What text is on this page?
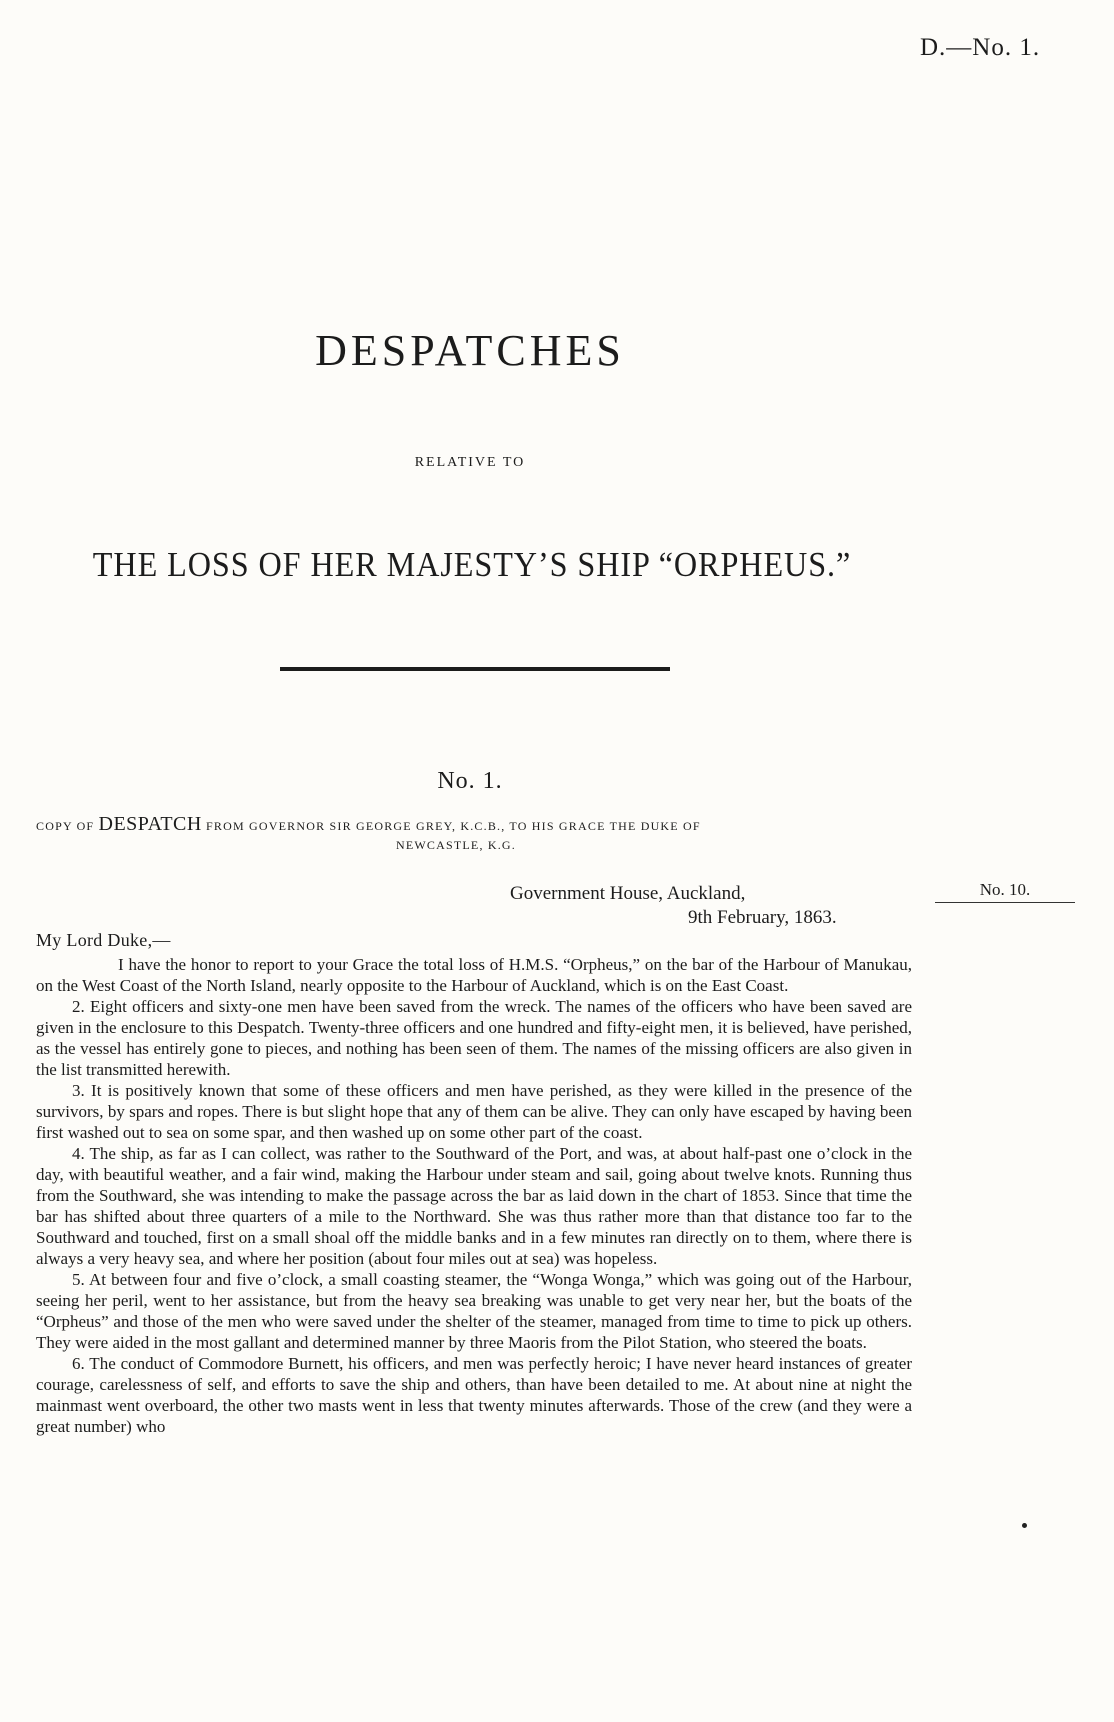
D.—No. 1.
DESPATCHES
RELATIVE TO
THE LOSS OF HER MAJESTY’S SHIP “ORPHEUS.”
No. 1.
COPY OF DESPATCH FROM GOVERNOR SIR GEORGE GREY, K.C.B., TO HIS GRACE THE DUKE OF
NEWCASTLE, K.G.
No. 10.
Government House, Auckland,
9th February, 1863.
My Lord Duke,—

I have the honor to report to your Grace the total loss of H.M.S. “Orpheus,” on the bar of the Harbour of Manukau, on the West Coast of the North Island, nearly opposite to the Harbour of Auckland, which is on the East Coast.

2. Eight officers and sixty-one men have been saved from the wreck. The names of the officers who have been saved are given in the enclosure to this Despatch. Twenty-three officers and one hundred and fifty-eight men, it is believed, have perished, as the vessel has entirely gone to pieces, and nothing has been seen of them. The names of the missing officers are also given in the list transmitted herewith.

3. It is positively known that some of these officers and men have perished, as they were killed in the presence of the survivors, by spars and ropes. There is but slight hope that any of them can be alive. They can only have escaped by having been first washed out to sea on some spar, and then washed up on some other part of the coast.

4. The ship, as far as I can collect, was rather to the Southward of the Port, and was, at about half-past one o’clock in the day, with beautiful weather, and a fair wind, making the Harbour under steam and sail, going about twelve knots. Running thus from the Southward, she was intending to make the passage across the bar as laid down in the chart of 1853. Since that time the bar has shifted about three quarters of a mile to the Northward. She was thus rather more than that distance too far to the Southward and touched, first on a small shoal off the middle banks and in a few minutes ran directly on to them, where there is always a very heavy sea, and where her position (about four miles out at sea) was hopeless.

5. At between four and five o’clock, a small coasting steamer, the “Wonga Wonga,” which was going out of the Harbour, seeing her peril, went to her assistance, but from the heavy sea breaking was unable to get very near her, but the boats of the “Orpheus” and those of the men who were saved under the shelter of the steamer, managed from time to time to pick up others. They were aided in the most gallant and determined manner by three Maoris from the Pilot Station, who steered the boats.

6. The conduct of Commodore Burnett, his officers, and men was perfectly heroic; I have never heard instances of greater courage, carelessness of self, and efforts to save the ship and others, than have been detailed to me. At about nine at night the mainmast went overboard, the other two masts went in less that twenty minutes afterwards. Those of the crew (and they were a great number) who
